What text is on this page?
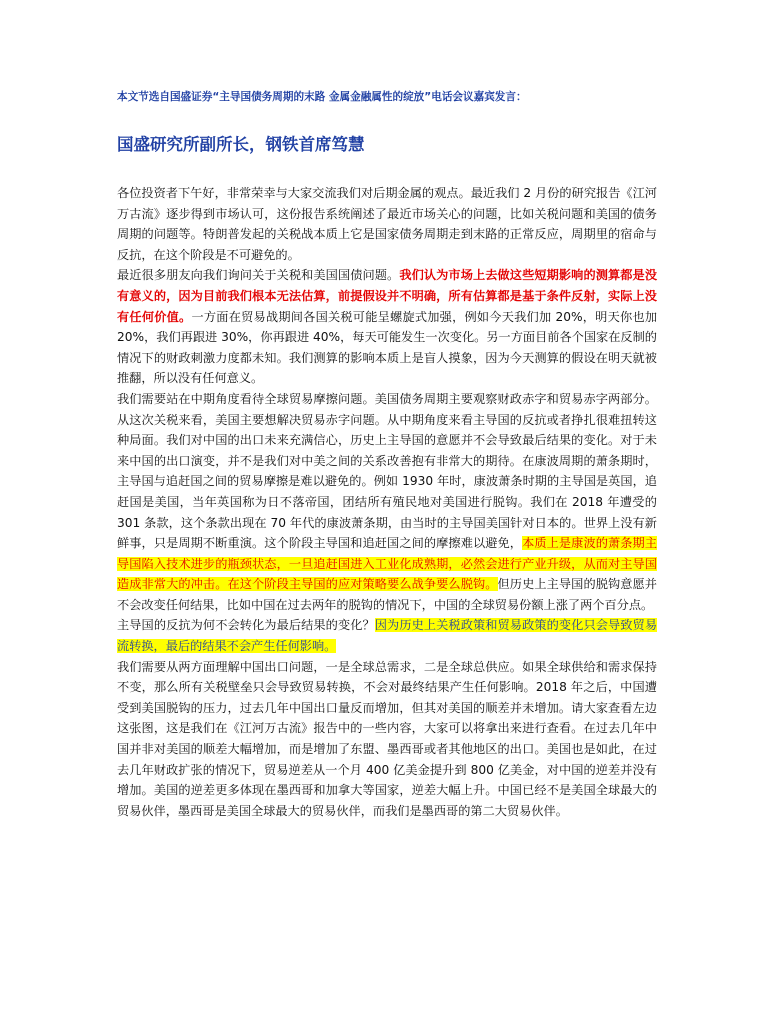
本文节选自国盛证券“主导国债务周期的末路 金属金融属性的绽放”电话会议嘉宾发言：
国盛研究所副所长，钢铁首席笃慧

各位投资者下午好，非常荣幸与大家交流我们对后期金属的观点。最近我们 2 月份的研究报告《江河万古流》逐步得到市场认可，这份报告系统阐述了最近市场关心的问题，比如关税问题和美国的债务周期的问题等。特朗普发起的关税战本质上它是国家债务周期走到末路的正常反应，周期里的宿命与反抗，在这个阶段是不可避免的。

最近很多朋友向我们询问关于关税和美国国债问题。我们认为市场上去做这些短期影响的测算都是没有意义的，因为目前我们根本无法估算，前提假设并不明确，所有估算都是基于条件反射，实际上没有任何价值。一方面在贸易战期间各国关税可能呈螺旋式加强，例如今天我们加 20%，明天你也加 20%，我们再跟进 30%，你再跟进 40%，每天可能发生一次变化。另一方面目前各个国家在反制的情况下的财政刺激力度都未知。我们测算的影响本质上是盲人摸象，因为今天测算的假设在明天就被推翻，所以没有任何意义。

我们需要站在中期角度看待全球贸易摩擦问题。美国债务周期主要观察财政赤字和贸易赤字两部分。从这次关税来看，美国主要想解决贸易赤字问题。从中期角度来看主导国的反抗或者挣扎很难扭转这种局面。我们对中国的出口未来充满信心，历史上主导国的意愿并不会导致最后结果的变化。对于未来中国的出口演变，并不是我们对中美之间的关系改善抱有非常大的期待。在康波周期的萧条期时，主导国与追赶国之间的贸易摩擦是难以避免的。例如 1930 年时，康波萧条时期的主导国是英国，追赶国是美国，当年英国称为日不落帝国，团结所有殖民地对美国进行脱钩。我们在 2018 年遭受的 301 条款，这个条款出现在 70 年代的康波萧条期，由当时的主导国美国针对日本的。世界上没有新鲜事，只是周期不断重演。这个阶段主导国和追赶国之间的摩擦难以避免，本质上是康波的萧条期主导国陷入技术进步的瓶颈状态，一旦追赶国进入工业化成熟期，必然会进行产业升级，从而对主导国造成非常大的冲击。在这个阶段主导国的应对策略要么战争要么脱钩。但历史上主导国的脱钩意愿并不会改变任何结果，比如中国在过去两年的脱钩的情况下，中国的全球贸易份额上涨了两个百分点。

主导国的反抗为何不会转化为最后结果的变化？因为历史上关税政策和贸易政策的变化只会导致贸易流转换，最后的结果不会产生任何影响。

我们需要从两方面理解中国出口问题，一是全球总需求，二是全球总供应。如果全球供给和需求保持不变，那么所有关税壁垒只会导致贸易转换，不会对最终结果产生任何影响。2018 年之后，中国遭受到美国脱钩的压力，过去几年中国出口量反而增加，但其对美国的顺差并未增加。请大家查看左边这张图，这是我们在《江河万古流》报告中的一些内容，大家可以将拿出来进行查看。在过去几年中国并非对美国的顺差大幅增加，而是增加了东盟、墨西哥或者其他地区的出口。美国也是如此，在过去几年财政扩张的情况下，贸易逆差从一个月 400 亿美金提升到 800 亿美金，对中国的逆差并没有增加。美国的逆差更多体现在墨西哥和加拿大等国家，逆差大幅上升。中国已经不是美国全球最大的贸易伙伴，墨西哥是美国全球最大的贸易伙伴，而我们是墨西哥的第二大贸易伙伴。
